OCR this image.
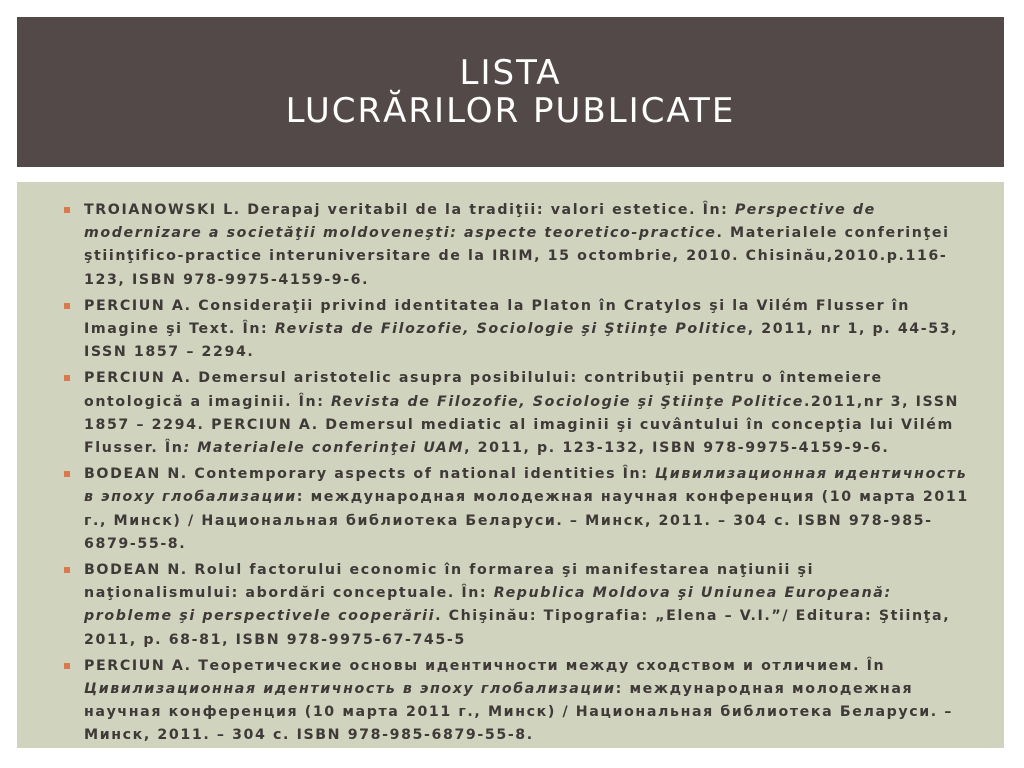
LISTA
LUCRĂRILOR PUBLICATE
TROIANOWSKI L. Derapaj veritabil de la tradiţii: valori estetice. În: Perspective de modernizare a societăţii moldoveneşti: aspecte teoretico-practice. Materialele conferinţei ştiinţifico-practice interuniversitare de la IRIM, 15 octombrie, 2010. Chisinău,2010.p.116-123, ISBN 978-9975-4159-9-6.
PERCIUN A. Consideraţii privind identitatea la Platon în Cratylos şi la Vilém Flusser în Imagine şi Text. În: Revista de Filozofie, Sociologie şi Ştiinţe Politice, 2011, nr 1, p. 44-53, ISSN 1857 – 2294.
PERCIUN A. Demersul aristotelic asupra posibilului: contribuţii pentru o întemeiere ontologică a imaginii. În: Revista de Filozofie, Sociologie şi Ştiinţe Politice.2011,nr 3, ISSN 1857 – 2294. PERCIUN A. Demersul mediatic al imaginii şi cuvântului în concepţia lui Vilém Flusser. În: Materialele conferinţei UAM, 2011, p. 123-132, ISBN 978-9975-4159-9-6.
BODEAN N. Contemporary aspects of national identities În: Цивилизационная идентичность в эпоху глобализации: международная молодежная научная конференция (10 марта 2011 г., Минск) / Национальная библиотека Беларуси. – Минск, 2011. – 304 с. ISBN 978-985-6879-55-8.
BODEAN N. Rolul factorului economic în formarea şi manifestarea naţiunii şi naţionalismului: abordări conceptuale. În: Republica Moldova şi Uniunea Europeană: probleme şi perspectivele cooperării. Chişinău: Tipografia: „Elena – V.I.”/ Editura: Ştiinţa, 2011, p. 68-81, ISBN 978-9975-67-745-5
PERCIUN A. Теоретические основы идентичности между сходством и отличием. În Цивилизационная идентичность в эпоху глобализации: международная молодежная научная конференция (10 марта 2011 г., Минск) / Национальная библиотека Беларуси. – Минск, 2011. – 304 с. ISBN 978-985-6879-55-8.
